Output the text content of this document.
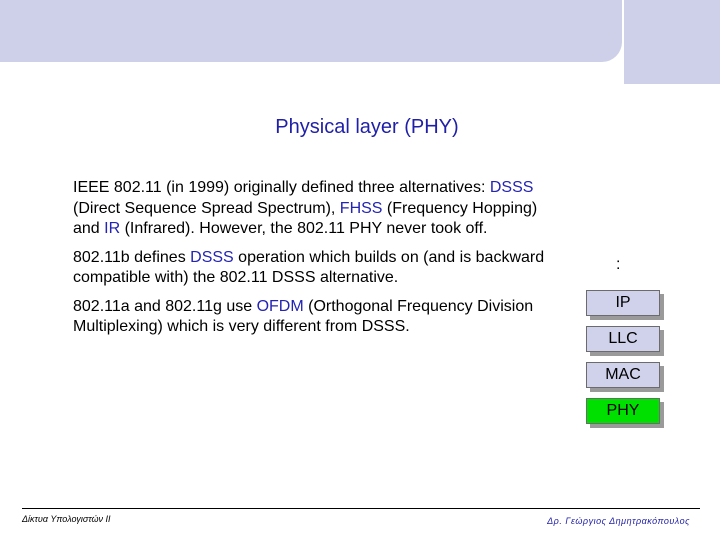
Physical layer (PHY)

IEEE 802.11 (in 1999) originally defined three alternatives: DSSS (Direct Sequence Spread Spectrum), FHSS (Frequency Hopping) and IR (Infrared). However, the 802.11 PHY never took off.

802.11b defines DSSS operation which builds on (and is backward compatible with) the 802.11 DSSS alternative.

802.11a and 802.11g use OFDM (Orthogonal Frequency Division Multiplexing) which is very different from DSSS.

:
IP
LLC
MAC
PHY
Δίκτυα Υπολογιστών ΙΙ	Δρ. Γεώργιος Δημητρακόπουλος
